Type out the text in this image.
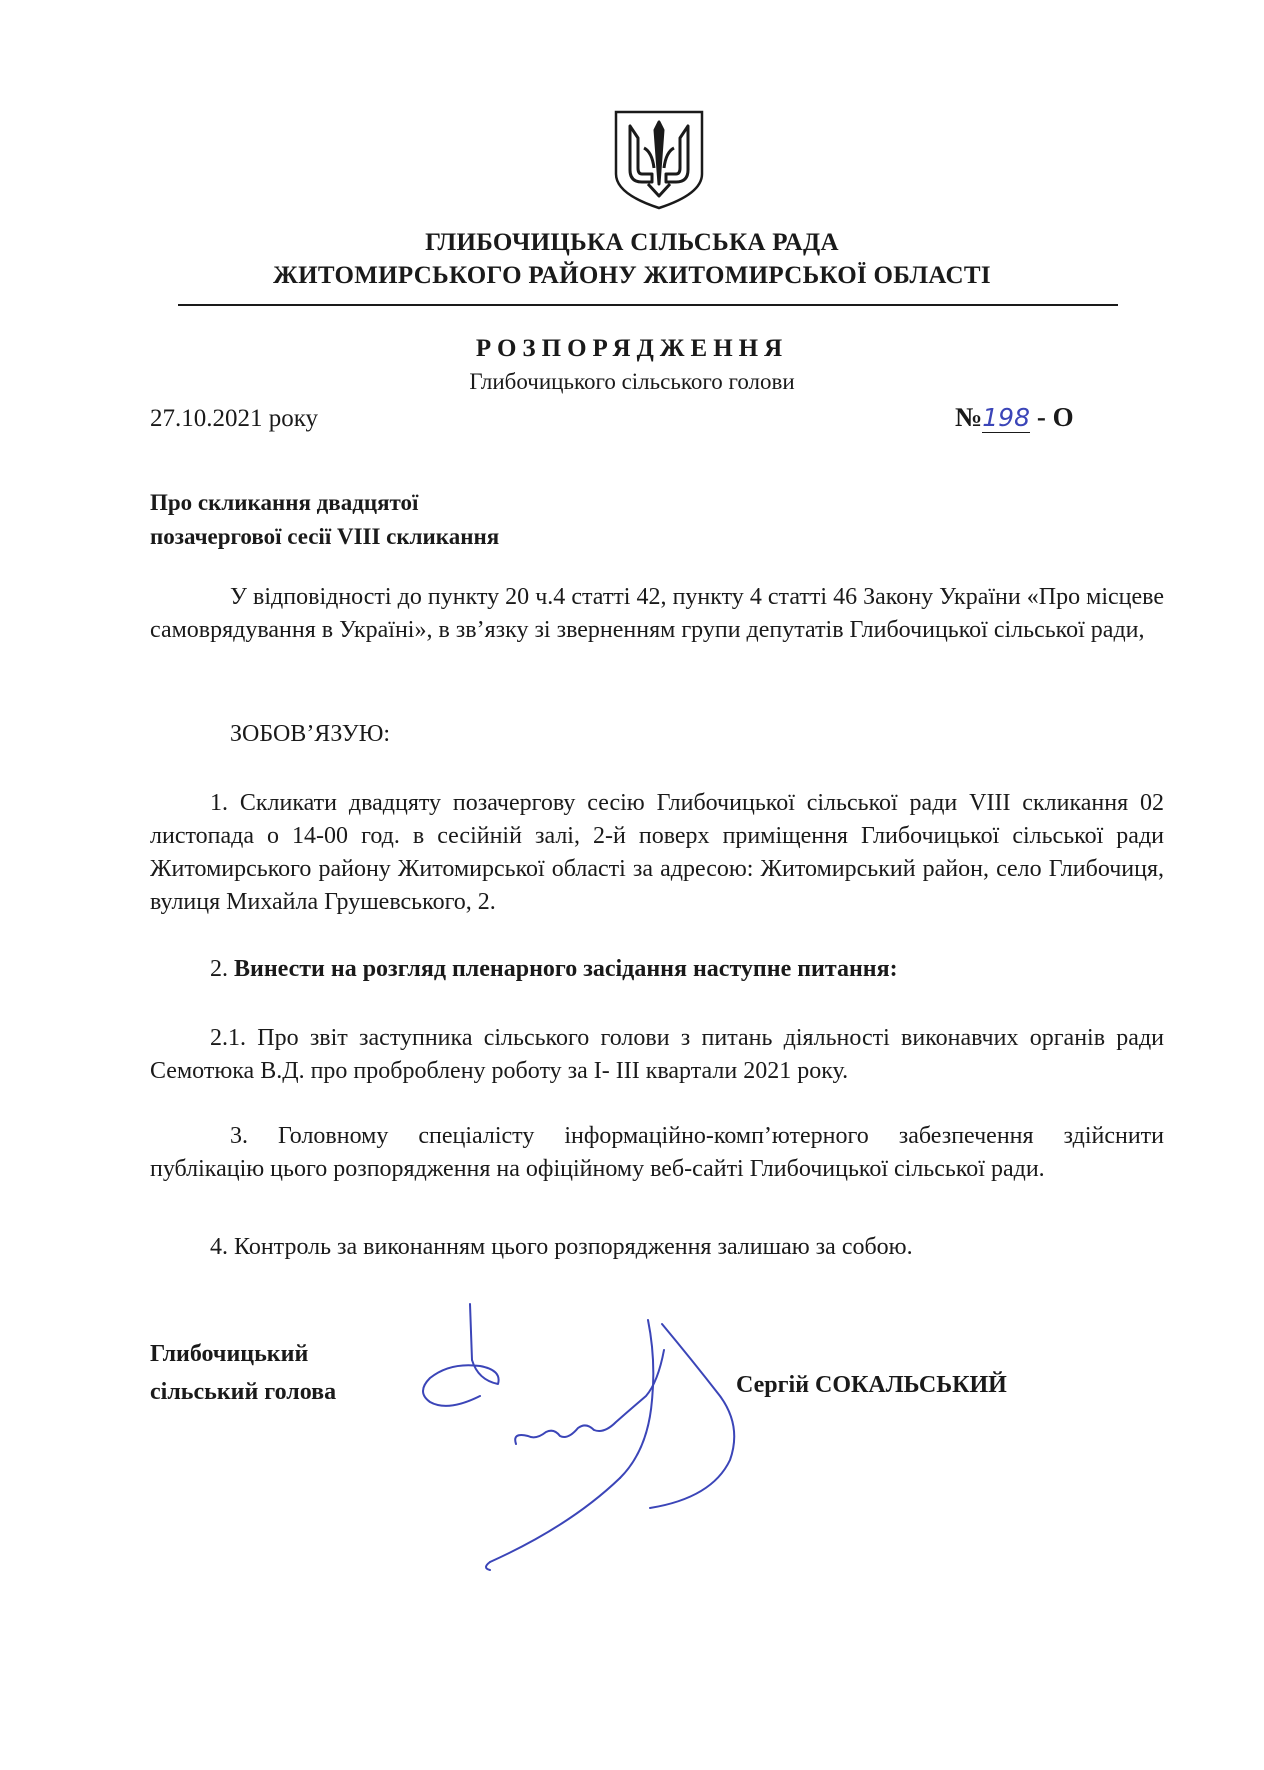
ГЛИБОЧИЦЬКА СІЛЬСЬКА РАДА
ЖИТОМИРСЬКОГО РАЙОНУ ЖИТОМИРСЬКОЇ ОБЛАСТІ
РОЗПОРЯДЖЕННЯ
Глибочицького сільського голови
27.10.2021 року	№198 - О
Про скликання двадцятої
позачергової сесії VIII скликання
У відповідності до пункту 20 ч.4 статті 42, пункту 4 статті 46 Закону України «Про місцеве самоврядування в Україні», в зв’язку зі зверненням групи депутатів Глибочицької сільської ради,
ЗОБОВ’ЯЗУЮ:
1. Скликати двадцяту позачергову сесію Глибочицької сільської ради VIII скликання 02 листопада о 14-00 год. в сесійній залі, 2-й поверх приміщення Глибочицької сільської ради Житомирського району Житомирської області за адресою: Житомирський район, село Глибочиця, вулиця Михайла Грушевського, 2.
2. Винести на розгляд пленарного засідання наступне питання:
2.1. Про звіт заступника сільського голови з питань діяльності виконавчих органів ради Семотюка В.Д. про проброблену роботу за І- ІІІ квартали 2021 року.
3. Головному спеціалісту інформаційно-комп’ютерного забезпечення здійснити публікацію цього розпорядження на офіційному веб-сайті Глибочицької сільської ради.
4. Контроль за виконанням цього розпорядження залишаю за собою.
Глибочицький
сільський голова	Сергій СОКАЛЬСЬКИЙ
